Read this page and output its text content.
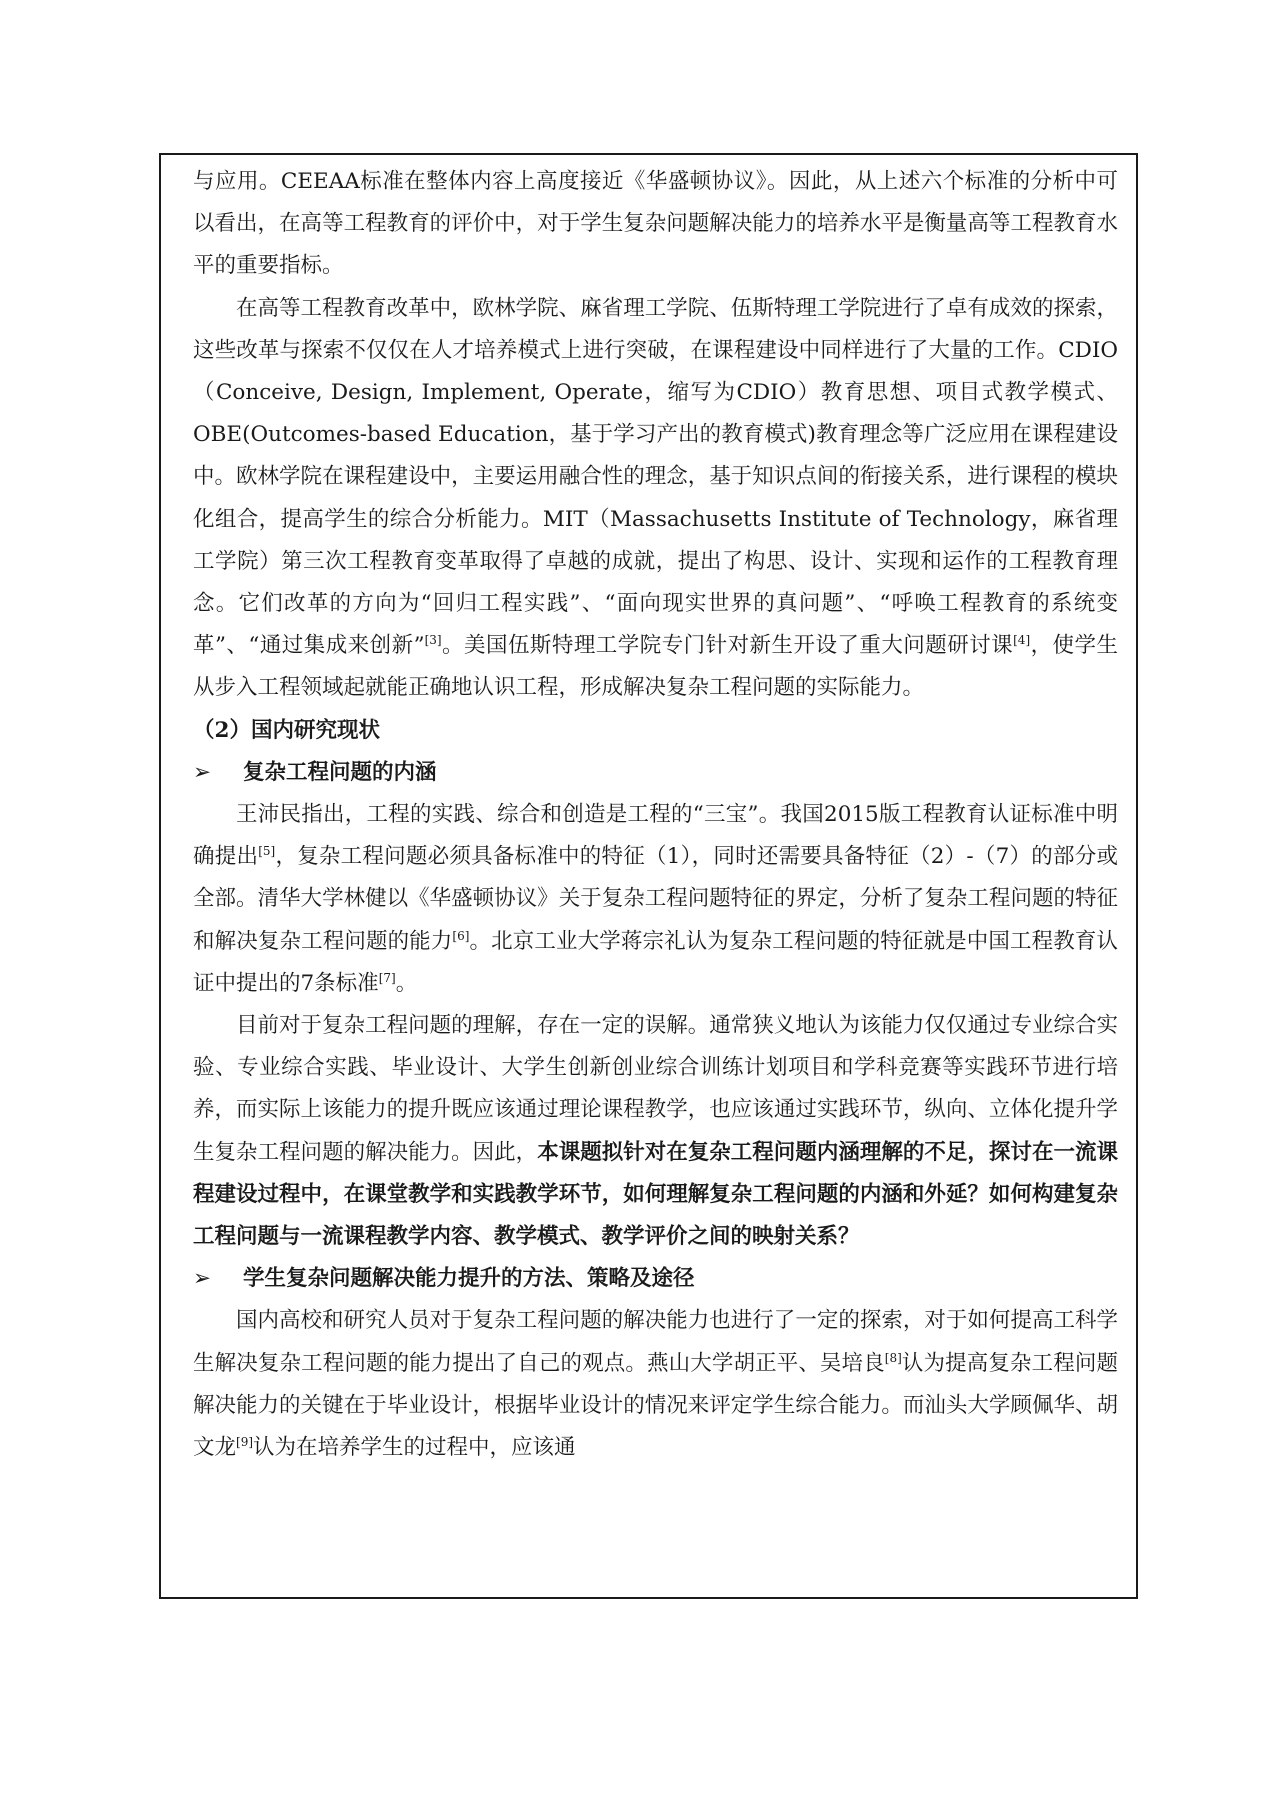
与应用。CEEAA标准在整体内容上高度接近《华盛顿协议》。因此，从上述六个标准的分析中可以看出，在高等工程教育的评价中，对于学生复杂问题解决能力的培养水平是衡量高等工程教育水平的重要指标。

在高等工程教育改革中，欧林学院、麻省理工学院、伍斯特理工学院进行了卓有成效的探索，这些改革与探索不仅仅在人才培养模式上进行突破，在课程建设中同样进行了大量的工作。CDIO（Conceive, Design, Implement, Operate，缩写为CDIO）教育思想、项目式教学模式、OBE(Outcomes-based Education，基于学习产出的教育模式)教育理念等广泛应用在课程建设中。欧林学院在课程建设中，主要运用融合性的理念，基于知识点间的衔接关系，进行课程的模块化组合，提高学生的综合分析能力。MIT（Massachusetts Institute of Technology，麻省理工学院）第三次工程教育变革取得了卓越的成就，提出了构思、设计、实现和运作的工程教育理念。它们改革的方向为“回归工程实践”、“面向现实世界的真问题”、“呼唤工程教育的系统变革”、“通过集成来创新”[3]。美国伍斯特理工学院专门针对新生开设了重大问题研讨课[4]，使学生从步入工程领域起就能正确地认识工程，形成解决复杂工程问题的实际能力。

（2）国内研究现状

➢ 复杂工程问题的内涵

王沛民指出，工程的实践、综合和创造是工程的“三宝”。我国2015版工程教育认证标准中明确提出[5]，复杂工程问题必须具备标准中的特征（1），同时还需要具备特征（2）-（7）的部分或全部。清华大学林健以《华盛顿协议》关于复杂工程问题特征的界定，分析了复杂工程问题的特征和解决复杂工程问题的能力[6]。北京工业大学蒋宗礼认为复杂工程问题的特征就是中国工程教育认证中提出的7条标准[7]。

目前对于复杂工程问题的理解，存在一定的误解。通常狭义地认为该能力仅仅通过专业综合实验、专业综合实践、毕业设计、大学生创新创业综合训练计划项目和学科竞赛等实践环节进行培养，而实际上该能力的提升既应该通过理论课程教学，也应该通过实践环节，纵向、立体化提升学生复杂工程问题的解决能力。因此，本课题拟针对在复杂工程问题内涵理解的不足，探讨在一流课程建设过程中，在课堂教学和实践教学环节，如何理解复杂工程问题的内涵和外延？如何构建复杂工程问题与一流课程教学内容、教学模式、教学评价之间的映射关系？

➢ 学生复杂问题解决能力提升的方法、策略及途径

国内高校和研究人员对于复杂工程问题的解决能力也进行了一定的探索，对于如何提高工科学生解决复杂工程问题的能力提出了自己的观点。燕山大学胡正平、吴培良[8]认为提高复杂工程问题解决能力的关键在于毕业设计，根据毕业设计的情况来评定学生综合能力。而汕头大学顾佩华、胡文龙[9]认为在培养学生的过程中，应该通
